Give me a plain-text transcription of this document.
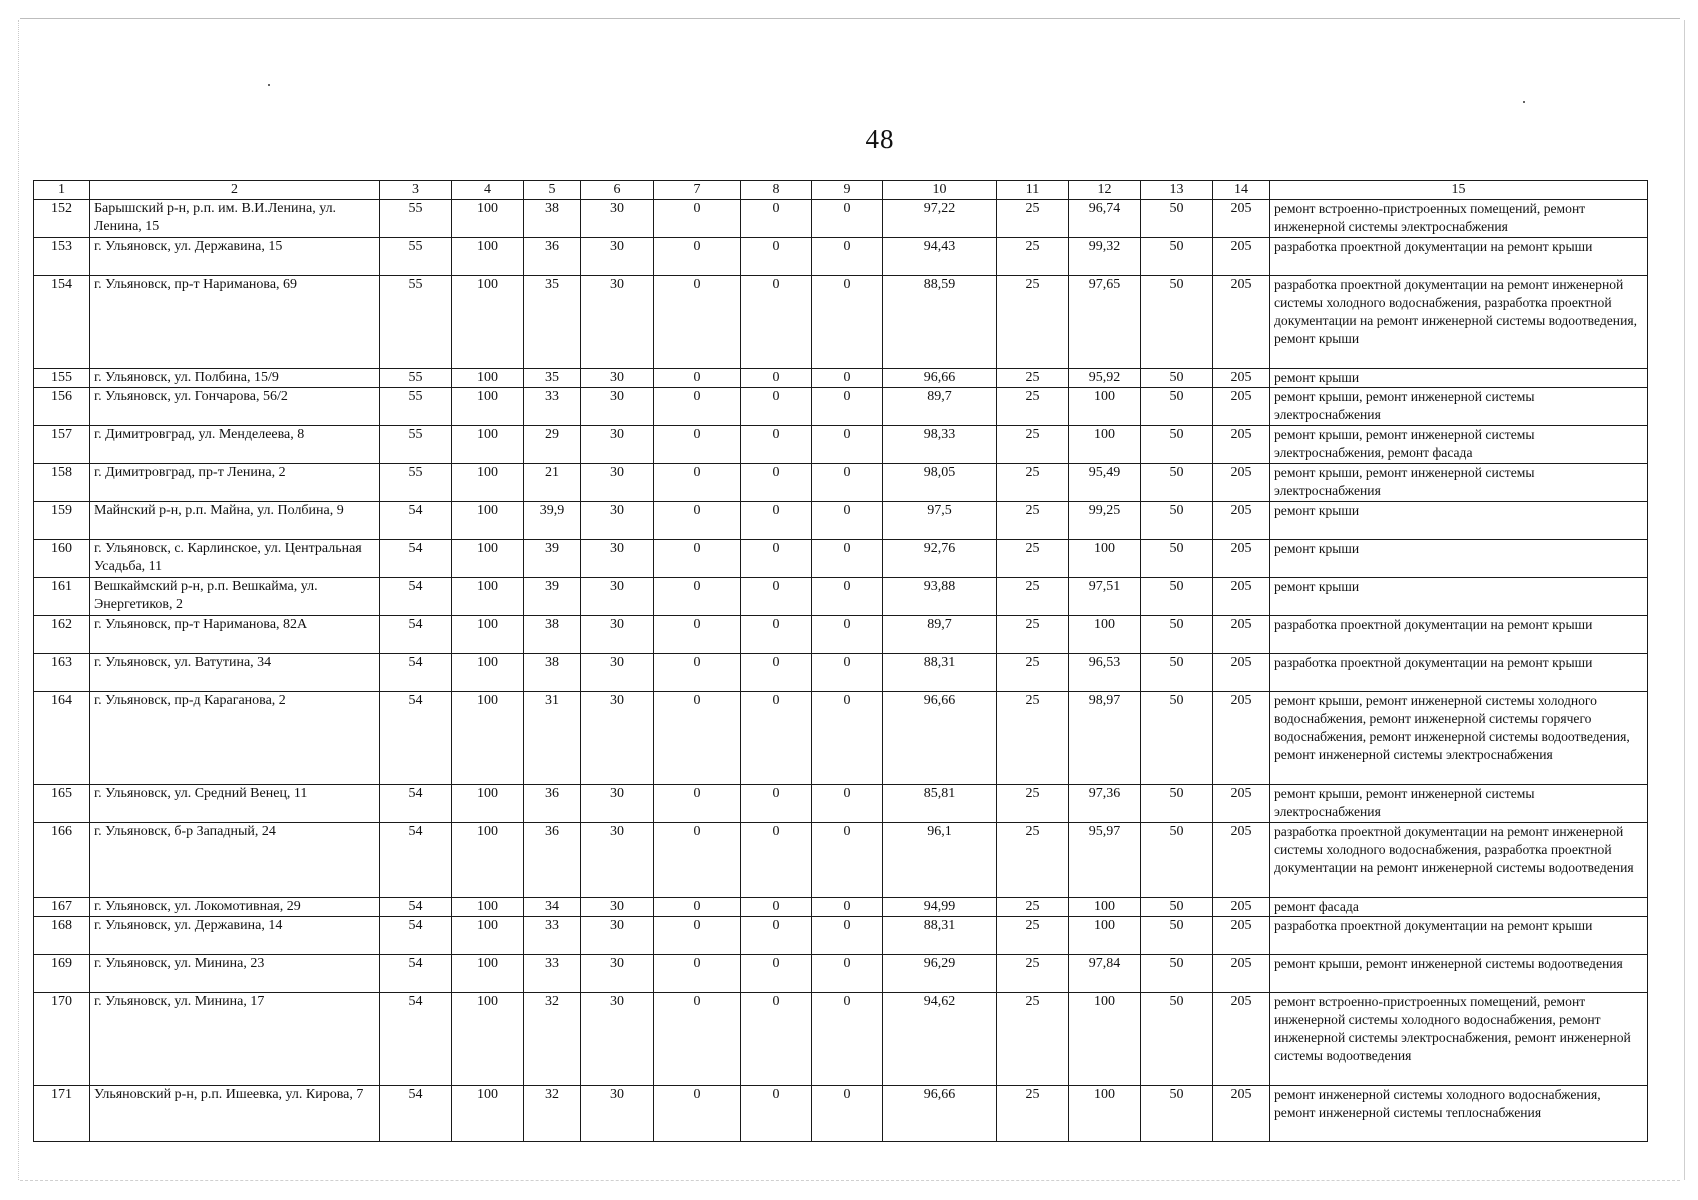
48
1	2	3	4	5	6	7	8	9	10	11	12	13	14	15
152	Барышский р-н, р.п. им. В.И.Ленина, ул. Ленина, 15	55	100	38	30	0	0	0	97,22	25	96,74	50	205	ремонт встроенно-пристроенных помещений, ремонт инженерной системы электроснабжения
153	г. Ульяновск, ул. Державина, 15	55	100	36	30	0	0	0	94,43	25	99,32	50	205	разработка проектной документации на ремонт крыши
154	г. Ульяновск, пр-т Нариманова, 69	55	100	35	30	0	0	0	88,59	25	97,65	50	205	разработка проектной документации на ремонт инженерной системы холодного водоснабжения, разработка проектной документации на ремонт инженерной системы водоотведения, ремонт крыши
155	г. Ульяновск, ул. Полбина, 15/9	55	100	35	30	0	0	0	96,66	25	95,92	50	205	ремонт крыши
156	г. Ульяновск, ул. Гончарова, 56/2	55	100	33	30	0	0	0	89,7	25	100	50	205	ремонт крыши, ремонт инженерной системы электроснабжения
157	г. Димитровград, ул. Менделеева, 8	55	100	29	30	0	0	0	98,33	25	100	50	205	ремонт крыши, ремонт инженерной системы электроснабжения, ремонт фасада
158	г. Димитровград, пр-т Ленина, 2	55	100	21	30	0	0	0	98,05	25	95,49	50	205	ремонт крыши, ремонт инженерной системы электроснабжения
159	Майнский р-н, р.п. Майна, ул. Полбина, 9	54	100	39,9	30	0	0	0	97,5	25	99,25	50	205	ремонт крыши
160	г. Ульяновск, с. Карлинское, ул. Центральная Усадьба, 11	54	100	39	30	0	0	0	92,76	25	100	50	205	ремонт крыши
161	Вешкаймский р-н, р.п. Вешкайма, ул. Энергетиков, 2	54	100	39	30	0	0	0	93,88	25	97,51	50	205	ремонт крыши
162	г. Ульяновск, пр-т Нариманова, 82А	54	100	38	30	0	0	0	89,7	25	100	50	205	разработка проектной документации на ремонт крыши
163	г. Ульяновск, ул. Ватутина, 34	54	100	38	30	0	0	0	88,31	25	96,53	50	205	разработка проектной документации на ремонт крыши
164	г. Ульяновск, пр-д Караганова, 2	54	100	31	30	0	0	0	96,66	25	98,97	50	205	ремонт крыши, ремонт инженерной системы холодного водоснабжения, ремонт инженерной системы горячего водоснабжения, ремонт инженерной системы водоотведения, ремонт инженерной системы электроснабжения
165	г. Ульяновск, ул. Средний Венец, 11	54	100	36	30	0	0	0	85,81	25	97,36	50	205	ремонт крыши, ремонт инженерной системы электроснабжения
166	г. Ульяновск, б-р Западный, 24	54	100	36	30	0	0	0	96,1	25	95,97	50	205	разработка проектной документации на ремонт инженерной системы холодного водоснабжения, разработка проектной документации на ремонт инженерной системы водоотведения
167	г. Ульяновск, ул. Локомотивная, 29	54	100	34	30	0	0	0	94,99	25	100	50	205	ремонт фасада
168	г. Ульяновск, ул. Державина, 14	54	100	33	30	0	0	0	88,31	25	100	50	205	разработка проектной документации на ремонт крыши
169	г. Ульяновск, ул. Минина, 23	54	100	33	30	0	0	0	96,29	25	97,84	50	205	ремонт крыши, ремонт инженерной системы водоотведения
170	г. Ульяновск, ул. Минина, 17	54	100	32	30	0	0	0	94,62	25	100	50	205	ремонт встроенно-пристроенных помещений, ремонт инженерной системы холодного водоснабжения, ремонт инженерной системы электроснабжения, ремонт инженерной системы водоотведения
171	Ульяновский р-н, р.п. Ишеевка, ул. Кирова, 7	54	100	32	30	0	0	0	96,66	25	100	50	205	ремонт инженерной системы холодного водоснабжения, ремонт инженерной системы теплоснабжения
